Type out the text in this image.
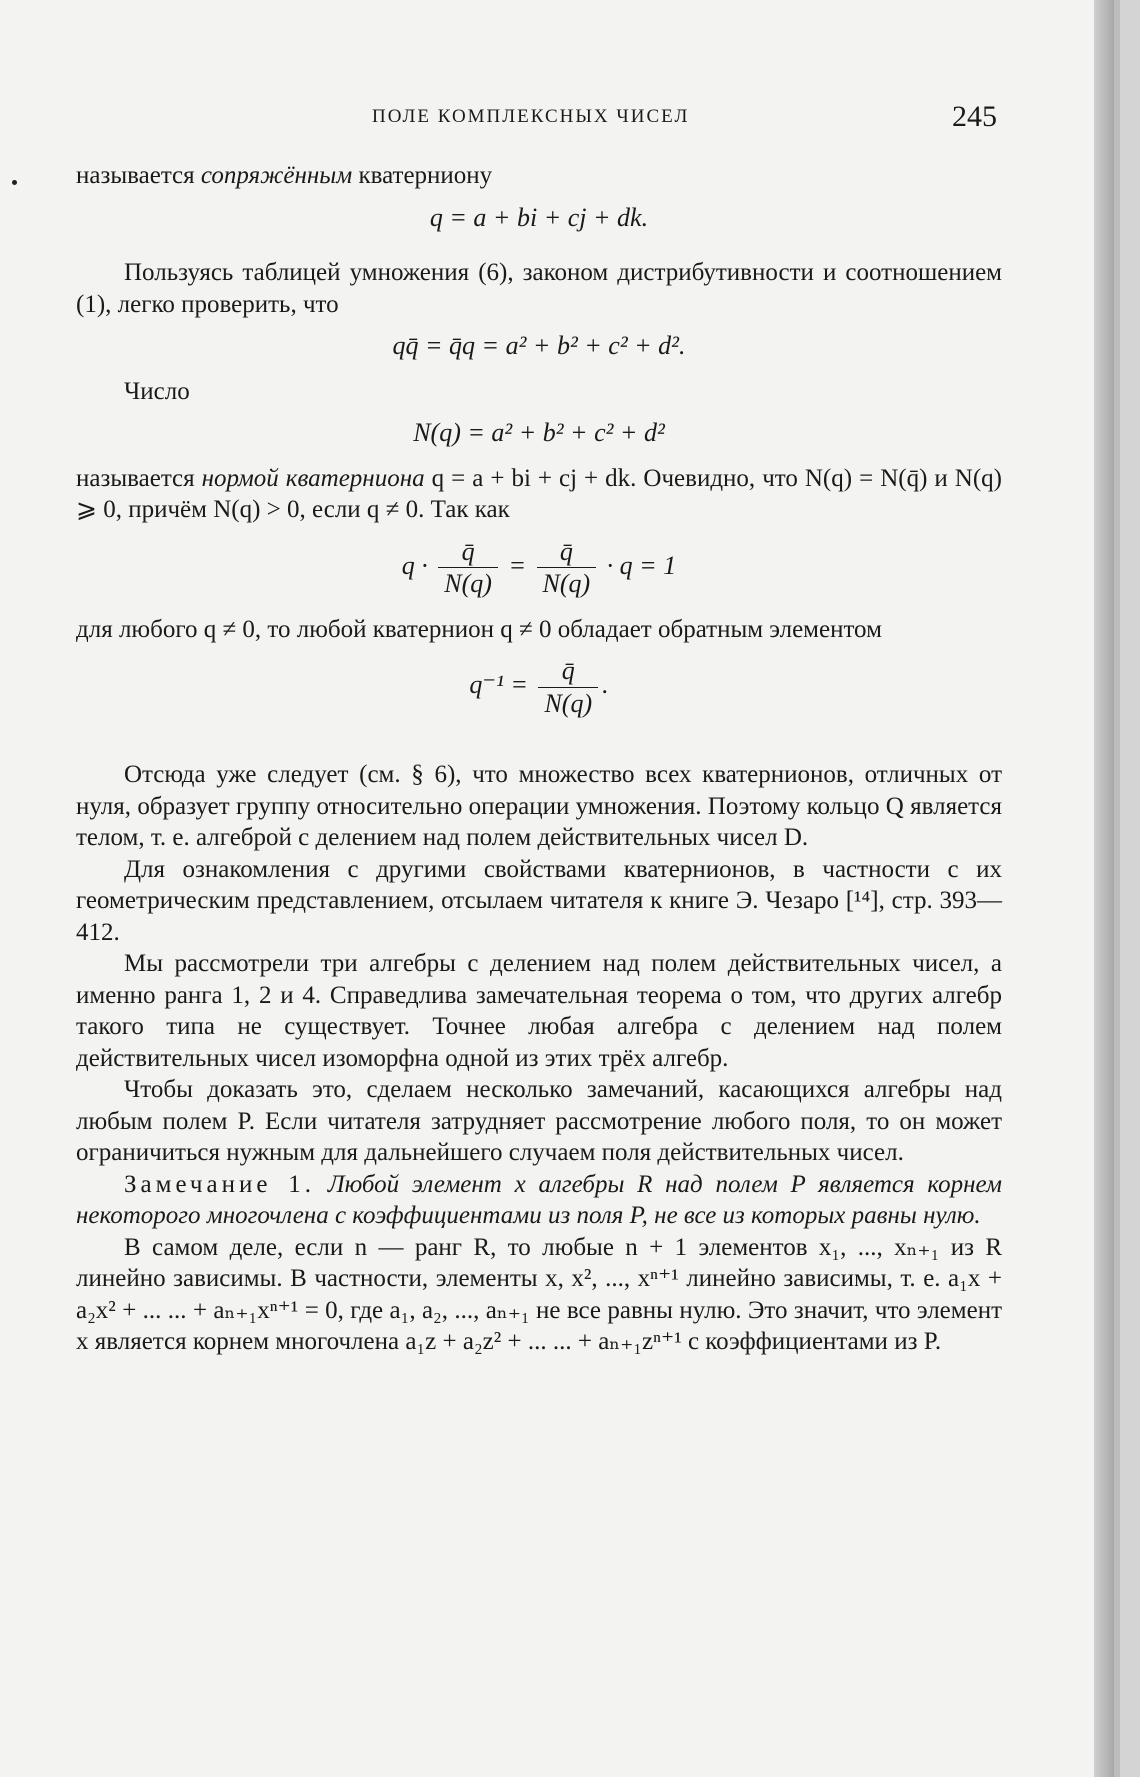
ПОЛЕ КОМПЛЕКСНЫХ ЧИСЕЛ	245

называется сопряжённым кватерниону

q = a + bi + cj + dk.

Пользуясь таблицей умножения (6), законом дистрибутивности и соотношением (1), легко проверить, что

qq̄ = q̄q = a² + b² + c² + d².

Число

N(q) = a² + b² + c² + d²

называется нормой кватерниона q = a + bi + cj + dk. Очевидно, что N(q) = N(q̄) и N(q) ⩾ 0, причём N(q) > 0, если q ≠ 0. Так как

$q \cdot \frac{q̄}{N(q)} = \frac{q̄}{N(q)} \cdot q = 1$

для любого q ≠ 0, то любой кватернион q ≠ 0 обладает обратным элементом

$q^{-1} = \frac{q̄}{N(q)}$ .

Отсюда уже следует (см. § 6), что множество всех кватернионов, отличных от нуля, образует группу относительно операции умножения. Поэтому кольцо Q является телом, т. е. алгеброй с делением над полем действительных чисел D.

Для ознакомления с другими свойствами кватернионов, в частности с их геометрическим представлением, отсылаем читателя к книге Э. Чезаро [¹⁴], стр. 393—412.

Мы рассмотрели три алгебры с делением над полем действительных чисел, а именно ранга 1, 2 и 4. Справедлива замечательная теорема о том, что других алгебр такого типа не существует. Точнее любая алгебра с делением над полем действительных чисел изоморфна одной из этих трёх алгебр.

Чтобы доказать это, сделаем несколько замечаний, касающихся алгебры над любым полем P. Если читателя затрудняет рассмотрение любого поля, то он может ограничиться нужным для дальнейшего случаем поля действительных чисел.

Замечание 1. Любой элемент x алгебры R над полем P является корнем некоторого многочлена с коэффициентами из поля P, не все из которых равны нулю.

В самом деле, если n — ранг R, то любые n + 1 элементов x₁, ..., xₙ₊₁ из R линейно зависимы. В частности, элементы x, x², ..., xⁿ⁺¹ линейно зависимы, т. е. a₁x + a₂x² + ... ... + aₙ₊₁xⁿ⁺¹ = 0, где a₁, a₂, ..., aₙ₊₁ не все равны нулю. Это значит, что элемент x является корнем многочлена a₁z + a₂z² + ... ... + aₙ₊₁zⁿ⁺¹ с коэффициентами из P.
